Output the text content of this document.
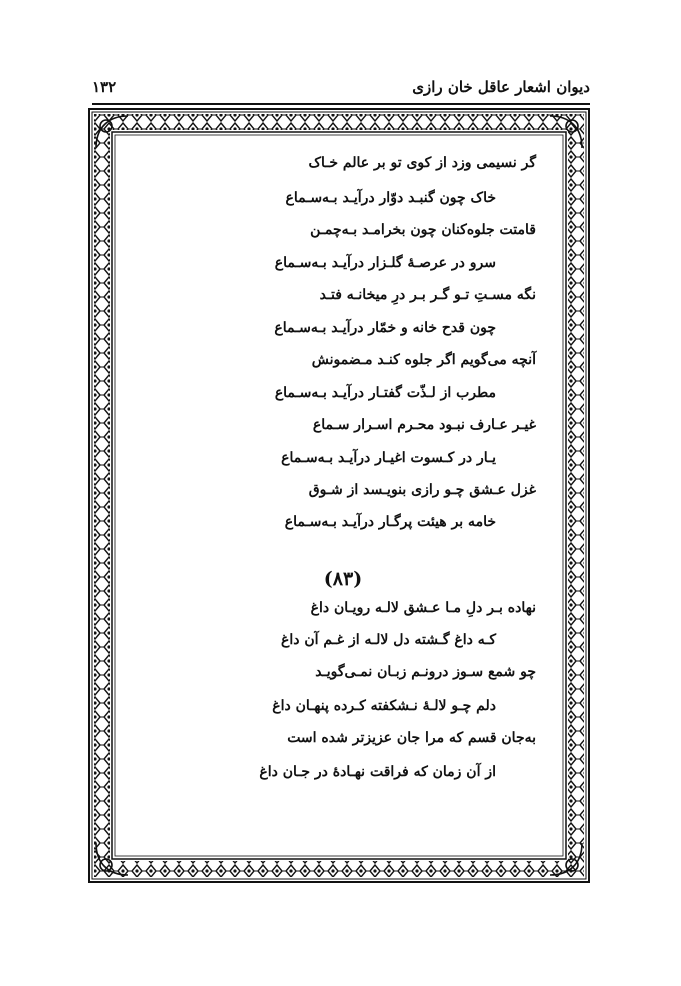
دیوان اشعار عاقل خان رازی
۱۳۲
گر نسیمی وزد از کوی تو بر عالم خـاک
خاک چون گنبـد دوّار درآیـد بـه‌سـماع
قامتت جلوه‌کنان چون بخرامـد بـه‌چمـن
سرو در عرصـهٔ گلـزار درآیـد بـه‌سـماع
نگه مسـتِ تـو گـر بـر درِ میخانـه فتـد
چون قدح خانه و خمّار درآیـد بـه‌سـماع
آنچه می‌گویم اگر جلوه کنـد مـضمونش
مطرب از لـذّت گفتـار درآیـد بـه‌سـماع
غیـر عـارف نبـود محـرم اسـرار سـماع
یـار در کـسوت اغیـار درآیـد بـه‌سـماع
غزل عـشق چـو رازی بنویـسد از شـوق
خامه بر هیئت پرگـار درآیـد بـه‌سـماع
(۸۳)
نهاده بـر دلِ مـا عـشق لالـه رویـان داغ
کـه داغ گـشته دل لالـه از غـم آن داغ
چو شمع سـوز درونـم زبـان نمـی‌گویـد
دلم چـو لالـهٔ نـشکفته کـرده پنهـان داغ
به‌جان قسم که مرا جان عزیزتر شده است
از آن زمان که فراقت نهـادهٔ در جـان داغ
